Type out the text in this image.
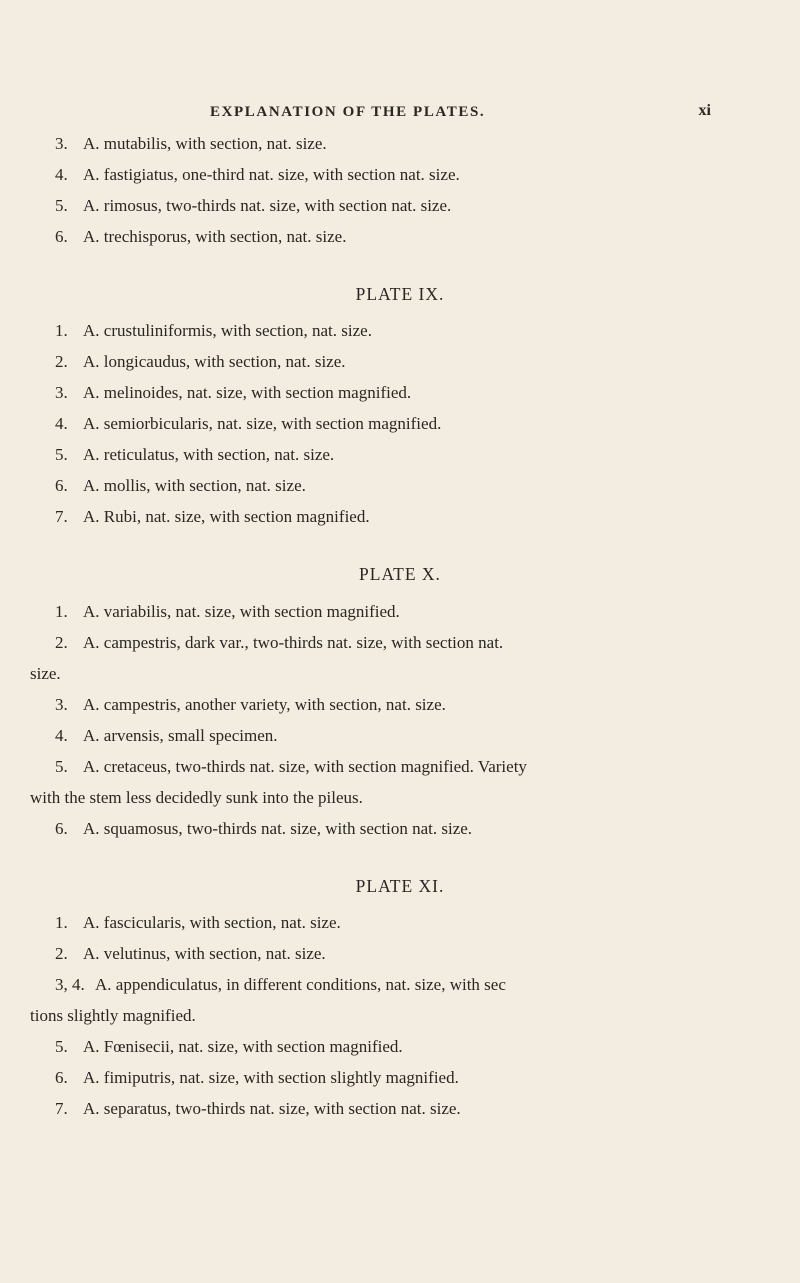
EXPLANATION OF THE PLATES.	xi
3. A. mutabilis, with section, nat. size.
4. A. fastigiatus, one-third nat. size, with section nat. size.
5. A. rimosus, two-thirds nat. size, with section nat. size.
6. A. trechisporus, with section, nat. size.
PLATE IX.
1. A. crustuliniformis, with section, nat. size.
2. A. longicaudus, with section, nat. size.
3. A. melinoides, nat. size, with section magnified.
4. A. semiorbicularis, nat. size, with section magnified.
5. A. reticulatus, with section, nat. size.
6. A. mollis, with section, nat. size.
7. A. Rubi, nat. size, with section magnified.
PLATE X.
1. A. variabilis, nat. size, with section magnified.
2. A. campestris, dark var., two-thirds nat. size, with section nat.
size.
3. A. campestris, another variety, with section, nat. size.
4. A. arvensis, small specimen.
5. A. cretaceus, two-thirds nat. size, with section magnified. Variety
with the stem less decidedly sunk into the pileus.
6. A. squamosus, two-thirds nat. size, with section nat. size.
PLATE XI.
1. A. fascicularis, with section, nat. size.
2. A. velutinus, with section, nat. size.
3, 4. A. appendiculatus, in different conditions, nat. size, with sec
tions slightly magnified.
5. A. Fœniseсii, nat. size, with section magnified.
6. A. fimiputris, nat. size, with section slightly magnified.
7. A. separatus, two-thirds nat. size, with section nat. size.
